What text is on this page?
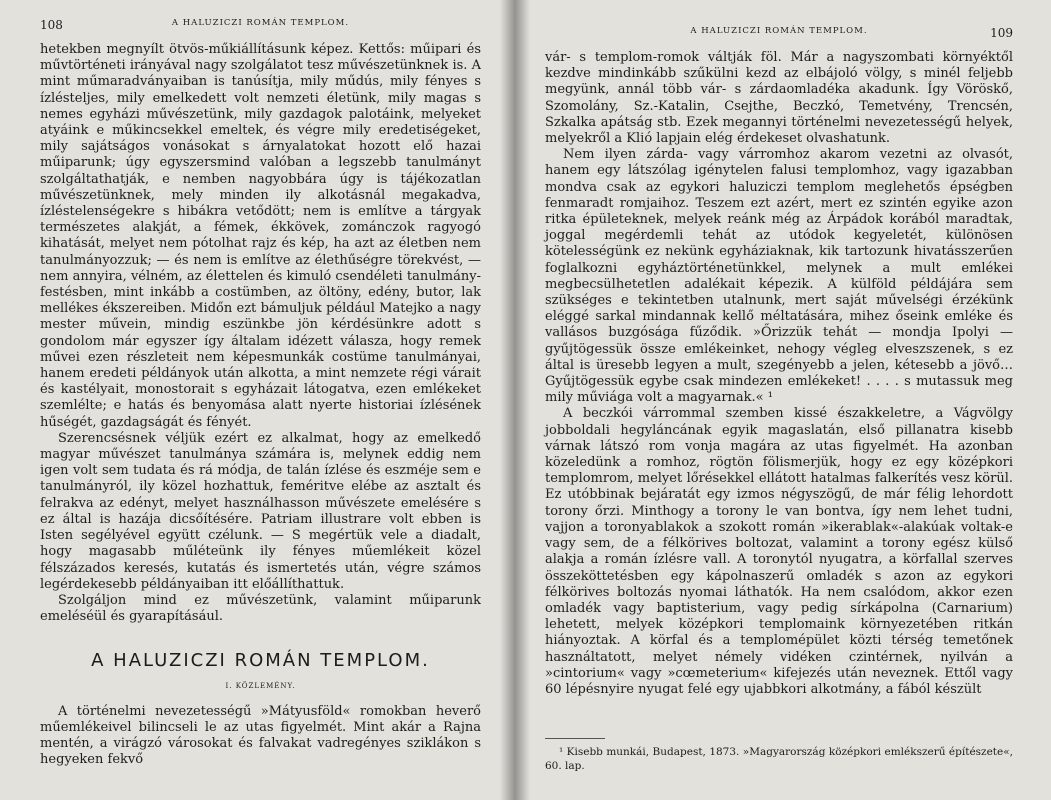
108	A HALUZICZI ROMÁN TEMPLOM.

hetekben megnyílt ötvös-műkiállításunk képez. Kettős: műipari és művtörténeti irányával nagy szolgálatot tesz művészetünknek is. A mint műmaradványaiban is tanúsítja, mily műdús, mily fényes s ízlésteljes, mily emelkedett volt nemzeti életünk, mily magas s nemes egyházi művészetünk, mily gazdagok palotáink, melyeket atyáink e műkincsekkel emeltek, és végre mily eredetiségeket, mily sajátságos vonásokat s árnyalatokat hozott elő hazai műiparunk; úgy egyszersmind valóban a legszebb tanulmányt szolgáltathatják, e nemben nagyobbára úgy is tájékozatlan művészetünknek, mely minden ily alkotásnál megakadva, ízléstelenségekre s hibákra vetődött; nem is említve a tárgyak természetes alakját, a fémek, ékkövek, zománczok ragyogó kihatását, melyet nem pótolhat rajz és kép, ha azt az életben nem tanulmányozzuk; — és nem is említve az élethűségre törekvést, — nem annyira, vélném, az élettelen és kimuló csendéleti tanulmány-festésben, mint inkább a costümben, az öltöny, edény, butor, lak mellékes ékszereiben. Midőn ezt bámuljuk például Matejko a nagy mester művein, mindig eszünkbe jön kérdésünkre adott s gondolom már egyszer így általam idézett válasza, hogy remek művei ezen részleteit nem képesmunkák costüme tanulmányai, hanem eredeti példányok után alkotta, a mint nemzete régi várait és kastélyait, monostorait s egyházait látogatva, ezen emlékeket szemlélte; e hatás és benyomása alatt nyerte historiai ízlésének hűségét, gazdagságát és fényét.

Szerencsésnek véljük ezért ez alkalmat, hogy az emelkedő magyar művészet tanulmánya számára is, melynek eddig nem igen volt sem tudata és rá módja, de talán ízlése és eszméje sem e tanulmányról, ily közel hozhattuk, feméritve elébe az asztalt és felrakva az edényt, melyet használhasson művészete emelésére s ez által is hazája dicsőítésére. Patriam illustrare volt ebben is Isten segélyével együtt czélunk. — S megértük vele a diadalt, hogy magasabb műléteünk ily fényes műemlékeit közel félszázados keresés, kutatás és ismertetés után, végre számos legérdekesebb példányaiban itt előállíthattuk.

Szolgáljon mind ez művészetünk, valamint műiparunk emeléséül és gyarapításául.

A HALUZICZI ROMÁN TEMPLOM.
I. KÖZLEMÉNY.

A történelmi nevezetességű »Mátyusföld« romokban heverő műemlékeivel bilincseli le az utas figyelmét. Mint akár a Rajna mentén, a virágzó városokat és falvakat vadregényes sziklákon s hegyeken fekvő

A HALUZICZI ROMÁN TEMPLOM.	109

vár- s templom-romok váltják föl. Már a nagyszombati környéktől kezdve mindinkább szűkülni kezd az elbájoló völgy, s minél feljebb megyünk, annál több vár- s zárdaomladéka akadunk. Így Vöröskő, Szomolány, Sz.-Katalin, Csejthe, Beczkó, Temetvény, Trencsén, Szkalka apátság stb. Ezek megannyi történelmi nevezetességű helyek, melyekről a Klió lapjain elég érdekeset olvashatunk.

Nem ilyen zárda- vagy várromhoz akarom vezetni az olvasót, hanem egy látszólag igénytelen falusi templomhoz, vagy igazabban mondva csak az egykori haluziczi templom meglehetős épségben fenmaradt romjaihoz. Teszem ezt azért, mert ez szintén egyike azon ritka épületeknek, melyek reánk még az Árpádok korából maradtak, joggal megérdemli tehát az utódok kegyeletét, különösen kötelességünk ez nekünk egyháziaknak, kik tartozunk hivatásszerűen foglalkozni egyháztörténetünkkel, melynek a mult emlékei megbecsülhetetlen adalékait képezik. A külföld példájára sem szükséges e tekintetben utalnunk, mert saját művelségi érzékünk eléggé sarkal mindannak kellő méltatására, mihez őseink emléke és vallásos buzgósága fűződik. »Őrizzük tehát — mondja Ipolyi — gyűjtögessük össze emlékeinket, nehogy végleg elveszszenek, s ez által is üresebb legyen a mult, szegényebb a jelen, kétesebb a jövő… Gyűjtögessük egybe csak mindezen emlékeket! . . . . s mutassuk meg mily műviága volt a magyarnak.« ¹

A beczkói várrommal szemben kissé északkeletre, a Vágvölgy jobboldali hegyláncának egyik magaslatán, első pillanatra kisebb várnak látszó rom vonja magára az utas figyelmét. Ha azonban közeledünk a romhoz, rögtön fölismerjük, hogy ez egy középkori templomrom, melyet lőrésekkel ellátott hatalmas falkerítés vesz körül. Ez utóbbinak bejáratát egy izmos négyszögű, de már félig lehordott torony őrzi. Minthogy a torony le van bontva, így nem lehet tudni, vajjon a toronyablakok a szokott román »ikerablak«-alakúak voltak-e vagy sem, de a félkörives boltozat, valamint a torony egész külső alakja a román ízlésre vall. A toronytól nyugatra, a körfallal szerves összeköttetésben egy kápolnaszerű omladék s azon az egykori félkörives boltozás nyomai láthatók. Ha nem csalódom, akkor ezen omladék vagy baptisterium, vagy pedig sírkápolna (Carnarium) lehetett, melyek középkori templomaink környezetében ritkán hiányoztak. A körfal és a templomépület közti térség temetőnek használtatott, melyet némely vidéken czintérnek, nyilván a »cintorium« vagy »cœmeterium« kifejezés után neveznek. Ettől vagy 60 lépésnyire nyugat felé egy ujabbkori alkotmány, a fából készült

¹ Kisebb munkái, Budapest, 1873. »Magyarország középkori emlékszerű építészete«, 60. lap.
